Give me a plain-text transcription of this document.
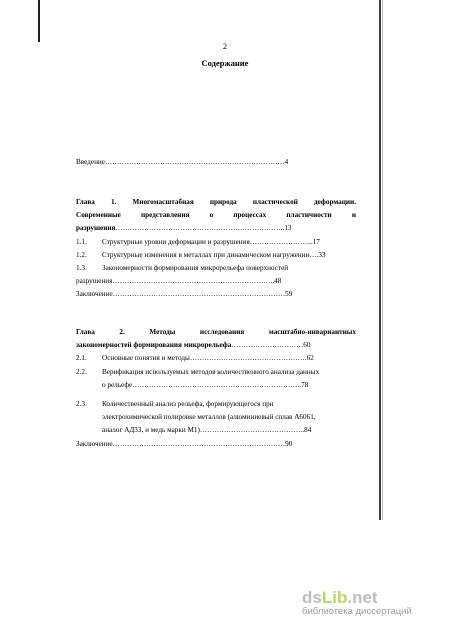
2
Содержание
Введение…………………………………………………………………4
Глава 1. Многомасштабная природа пластической деформации.
Современные представления о процессах пластичности и
разрушения……………………………………………………………..13
1.1. Структурные уровни деформации и разрушения……………………...17
1.2. Структурные изменения в металлах при динамическом нагружении….33
1.3. Закономерности формирования микрорельефа поверхностей
разрушения…………………………………………………………..48
Заключение………………………………………………………………59
Глава 2. Методы исследования масштабно-инвариантных
закономерностей формирования микрорельефа…………………………60
2.1. Основные понятия и методы………………………………………….62
2.2. Верификация используемых методов количественного анализа данных
о рельефе……………………………………………………………..78
2.3. Количественный анализ рельефа, формирующегося при
электрохимической полировке металлов (алюминиевый сплав А6061,
аналог АД33, и медь марки М1)……………………………………..84
Заключение………………………………………………………………90
dsLib.net
библиотека диссертаций
